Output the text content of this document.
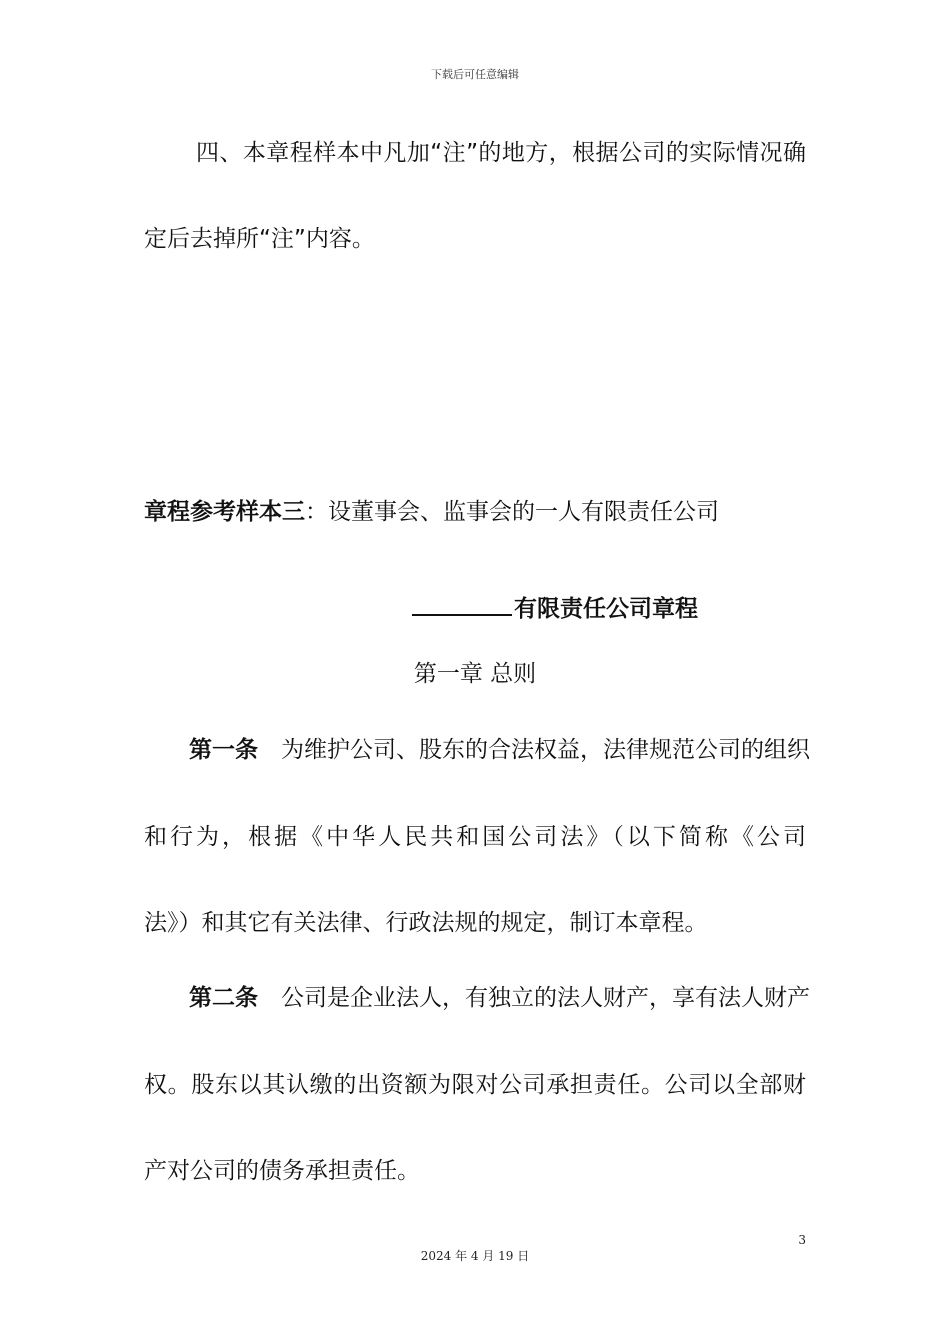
下载后可任意编辑
四、本章程样本中凡加“注”的地方，根据公司的实际情况确
定后去掉所“注”内容。
章程参考样本三：设董事会、监事会的一人有限责任公司
有限责任公司章程
第一章 总则
第一条　 为维护公司、股东的合法权益，法律规范公司的组织
和行为，根据《中华人民共和国公司法》（以下简称《公司
法》）和其它有关法律、行政法规的规定，制订本章程。
第二条　 公司是企业法人，有独立的法人财产，享有法人财产
权。股东以其认缴的出资额为限对公司承担责任。公司以全部财
产对公司的债务承担责任。
3
2024 年 4 月 19 日
